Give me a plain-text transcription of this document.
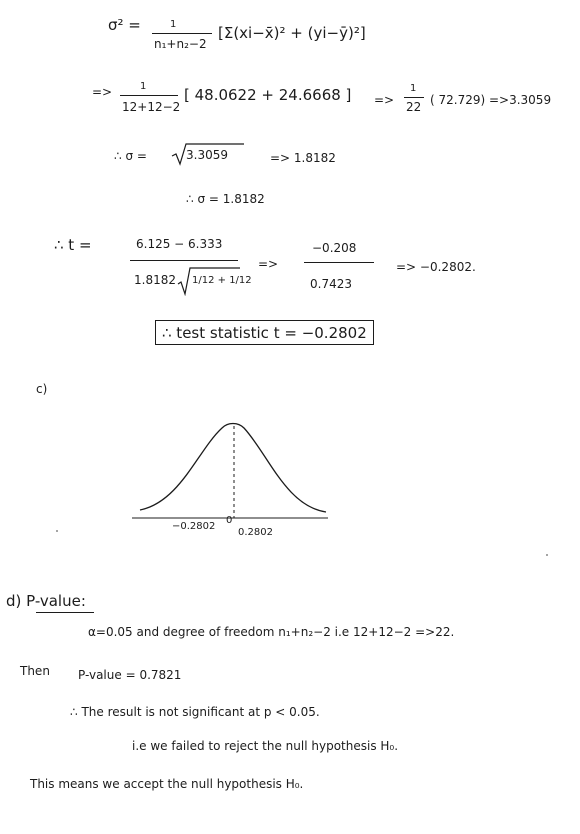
σ² =	1
n₁+n₂−2
[Σ(xi−x̄)² + (yi−ȳ)²]
=>	1
12+12−2
[ 48.0622 + 24.6668 ] =>
1
22 ( 72.729) =>3.3059
∴ σ =	3.3059	=> 1.8182
∴ σ = 1.8182
∴ t =	6.125 − 6.333
1.8182 1/12 + 1/12
=>
−0.208
0.7423
=> −0.2802.
∴ test statistic t = −0.2802
c)
−0.2802
0
0.2802
d) P-value:
α=0.05 and degree of freedom n₁+n₂−2 i.e 12+12−2 =>22.
Then P-value = 0.7821
∴ The result is not significant at p < 0.05.
i.e we failed to reject the null hypothesis H₀.
This means we accept the null hypothesis H₀.
